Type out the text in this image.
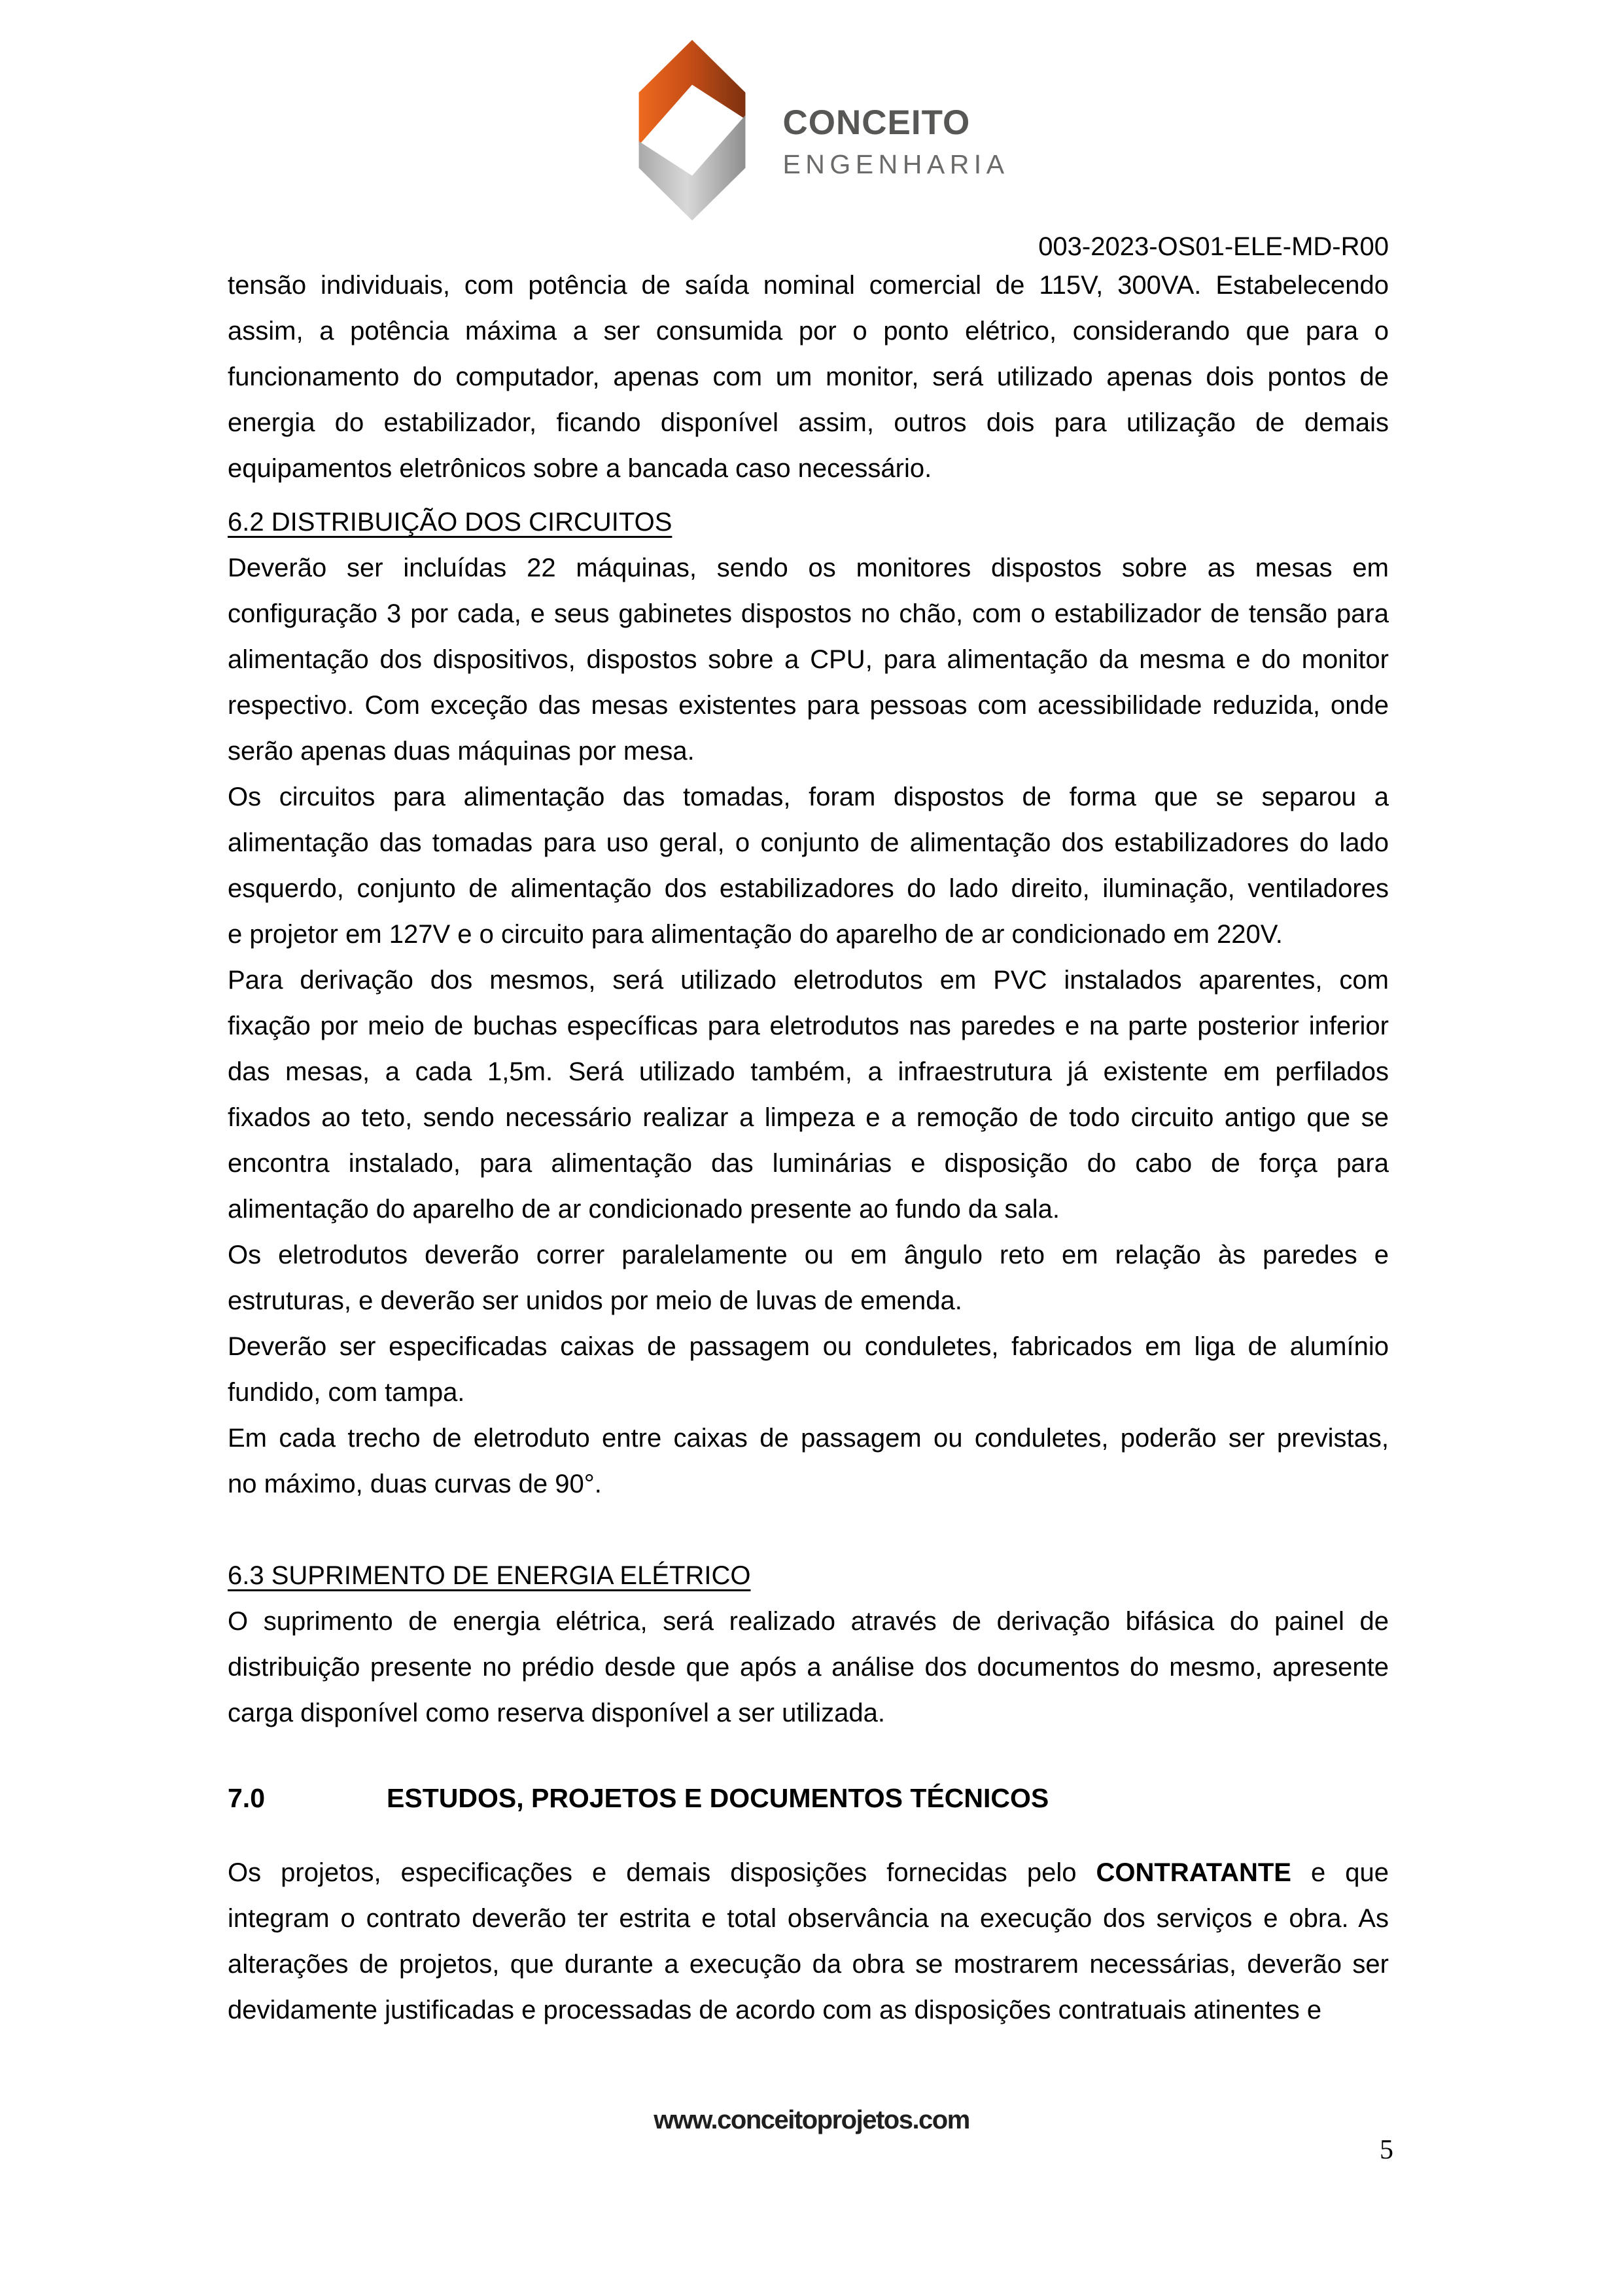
CONCEITO
ENGENHARIA
003-2023-OS01-ELE-MD-R00

tensão individuais, com potência de saída nominal comercial de 115V, 300VA. Estabelecendo
assim, a potência máxima a ser consumida por o ponto elétrico, considerando que para o
funcionamento do computador, apenas com um monitor, será utilizado apenas dois pontos de
energia do estabilizador, ficando disponível assim, outros dois para utilização de demais
equipamentos eletrônicos sobre a bancada caso necessário.

6.2 DISTRIBUIÇÃO DOS CIRCUITOS

Deverão ser incluídas 22 máquinas, sendo os monitores dispostos sobre as mesas em
configuração 3 por cada, e seus gabinetes dispostos no chão, com o estabilizador de tensão para
alimentação dos dispositivos, dispostos sobre a CPU, para alimentação da mesma e do monitor
respectivo. Com exceção das mesas existentes para pessoas com acessibilidade reduzida, onde
serão apenas duas máquinas por mesa.

Os circuitos para alimentação das tomadas, foram dispostos de forma que se separou a
alimentação das tomadas para uso geral, o conjunto de alimentação dos estabilizadores do lado
esquerdo, conjunto de alimentação dos estabilizadores do lado direito, iluminação, ventiladores
e projetor em 127V e o circuito para alimentação do aparelho de ar condicionado em 220V.

Para derivação dos mesmos, será utilizado eletrodutos em PVC instalados aparentes, com
fixação por meio de buchas específicas para eletrodutos nas paredes e na parte posterior inferior
das mesas, a cada 1,5m. Será utilizado também, a infraestrutura já existente em perfilados
fixados ao teto, sendo necessário realizar a limpeza e a remoção de todo circuito antigo que se
encontra instalado, para alimentação das luminárias e disposição do cabo de força para
alimentação do aparelho de ar condicionado presente ao fundo da sala.

Os eletrodutos deverão correr paralelamente ou em ângulo reto em relação às paredes e
estruturas, e deverão ser unidos por meio de luvas de emenda.

Deverão ser especificadas caixas de passagem ou conduletes, fabricados em liga de alumínio
fundido, com tampa.

Em cada trecho de eletroduto entre caixas de passagem ou conduletes, poderão ser previstas,
no máximo, duas curvas de 90°.

6.3 SUPRIMENTO DE ENERGIA ELÉTRICO

O suprimento de energia elétrica, será realizado através de derivação bifásica do painel de
distribuição presente no prédio desde que após a análise dos documentos do mesmo, apresente
carga disponível como reserva disponível a ser utilizada.

7.0	ESTUDOS, PROJETOS E DOCUMENTOS TÉCNICOS

Os projetos, especificações e demais disposições fornecidas pelo CONTRATANTE e que
integram o contrato deverão ter estrita e total observância na execução dos serviços e obra. As
alterações de projetos, que durante a execução da obra se mostrarem necessárias, deverão ser
devidamente justificadas e processadas de acordo com as disposições contratuais atinentes e

www.conceitoprojetos.com
5
